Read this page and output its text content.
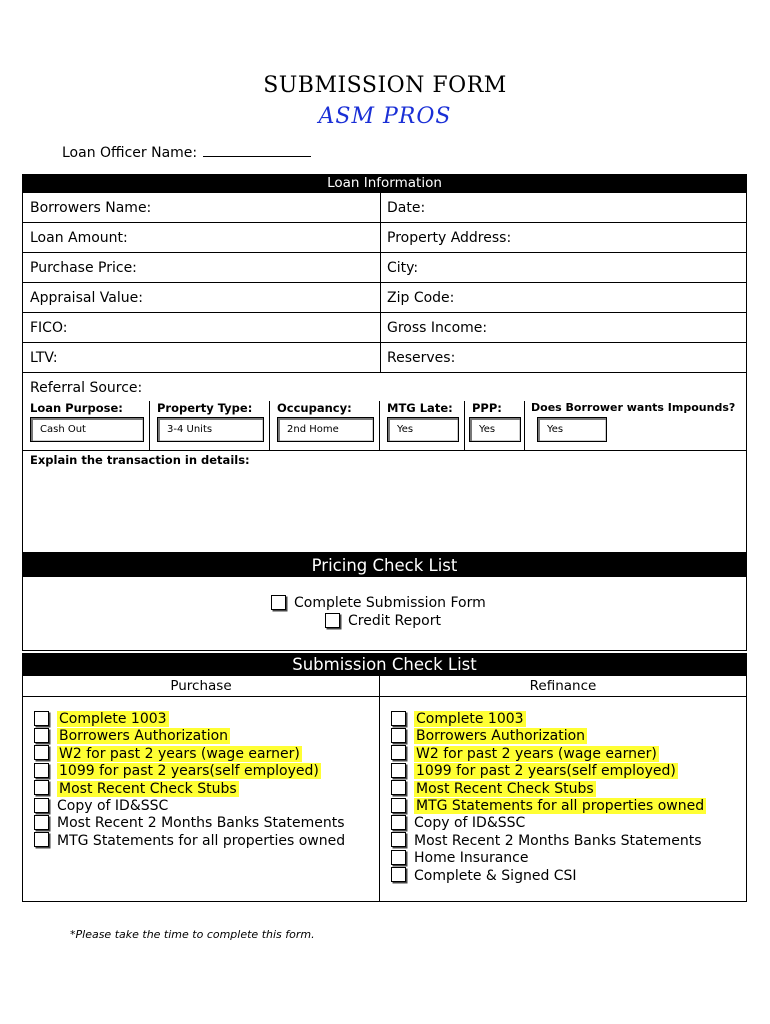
SUBMISSION FORM
ASM PROS
Loan Officer Name:
Loan Information
Borrowers Name:	Date:
Loan Amount:	Property Address:
Purchase Price:	City:
Appraisal Value:	Zip Code:
FICO:	Gross Income:
LTV:	Reserves:
Referral Source:
Loan Purpose:	Property Type: Occupancy:	MTG Late: PPP:	Does Borrower wants Impounds?
Cash Out	3-4 Units	2nd Home	Yes	Yes	Yes
Explain the transaction in details:
Pricing Check List
Complete Submission Form
Credit Report
Submission Check List
Purchase	Refinance
Complete 1003
Borrowers Authorization
W2 for past 2 years (wage earner)
1099 for past 2 years(self employed)
Most Recent Check Stubs
Copy of ID&SSC
Most Recent 2 Months Banks Statements
MTG Statements for all properties owned
Complete 1003
Borrowers Authorization
W2 for past 2 years (wage earner)
1099 for past 2 years(self employed)
Most Recent Check Stubs
MTG Statements for all properties owned
Copy of ID&SSC
Most Recent 2 Months Banks Statements
Home Insurance
Complete & Signed CSI
*Please take the time to complete this form.
